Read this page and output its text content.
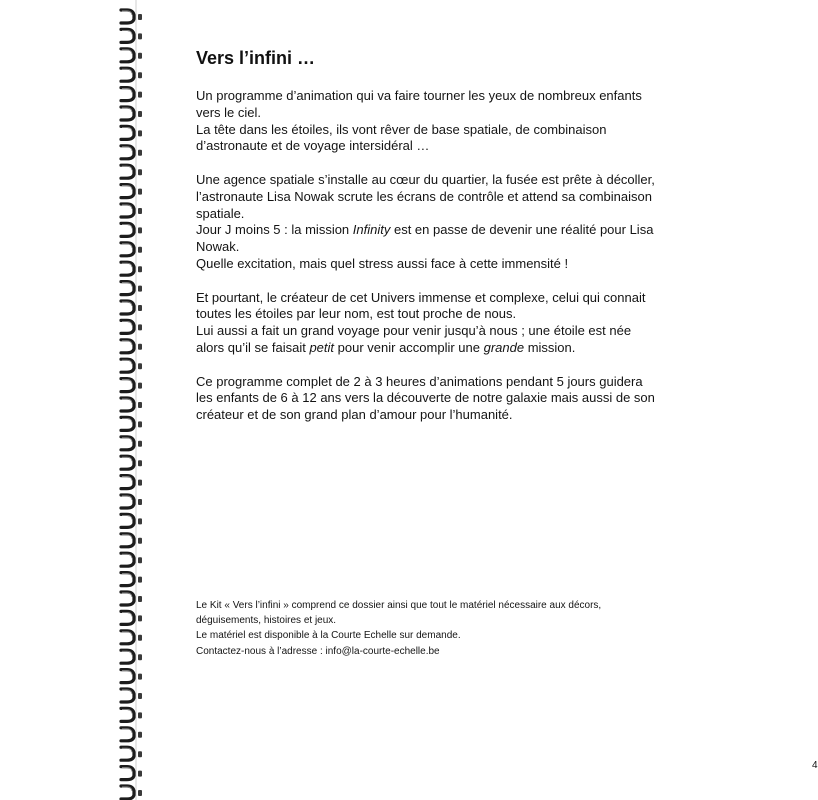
Vers l’infini …

Un programme d’animation qui va faire tourner les yeux de nombreux enfants
vers le ciel.
La tête dans les étoiles, ils vont rêver de base spatiale, de combinaison
d’astronaute et de voyage intersidéral …

Une agence spatiale s’installe au cœur du quartier, la fusée est prête à décoller,
l’astronaute Lisa Nowak scrute les écrans de contrôle et attend sa combinaison
spatiale.
Jour J moins 5 : la mission Infinity est en passe de devenir une réalité pour Lisa
Nowak.
Quelle excitation, mais quel stress aussi face à cette immensité !

Et pourtant, le créateur de cet Univers immense et complexe, celui qui connait
toutes les étoiles par leur nom, est tout proche de nous.
Lui aussi a fait un grand voyage pour venir jusqu’à nous ; une étoile est née
alors qu’il se faisait petit pour venir accomplir une grande mission.

Ce programme complet de 2 à 3 heures d’animations pendant 5 jours guidera
les enfants de 6 à 12 ans vers la découverte de notre galaxie mais aussi de son
créateur et de son grand plan d’amour pour l’humanité.

Le Kit « Vers l’infini » comprend ce dossier ainsi que tout le matériel nécessaire aux décors,
déguisements, histoires et jeux.
Le matériel est disponible à la Courte Echelle sur demande.
Contactez-nous à l’adresse : info@la-courte-echelle.be
4
